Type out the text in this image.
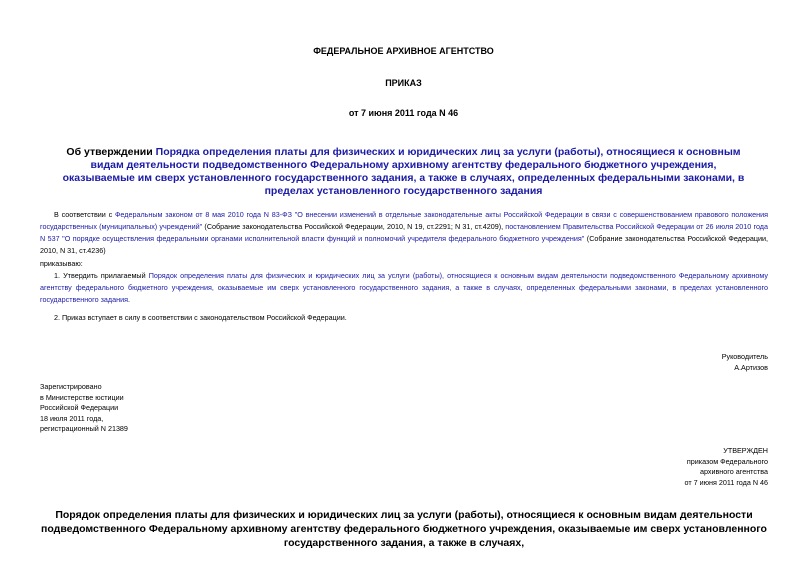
ФЕДЕРАЛЬНОЕ АРХИВНОЕ АГЕНТСТВО
ПРИКАЗ
от 7 июня 2011 года N 46
Об утверждении Порядка определения платы для физических и юридических лиц за услуги (работы), относящиеся к основным видам деятельности подведомственного Федеральному архивному агентству федерального бюджетного учреждения, оказываемые им сверх установленного государственного задания, а также в случаях, определенных федеральными законами, в пределах установленного государственного задания
В соответствии с Федеральным законом от 8 мая 2010 года N 83-ФЗ "О внесении изменений в отдельные законодательные акты Российской Федерации в связи с совершенствованием правового положения государственных (муниципальных) учреждений" (Собрание законодательства Российской Федерации, 2010, N 19, ст.2291; N 31, ст.4209), постановлением Правительства Российской Федерации от 26 июля 2010 года N 537 "О порядке осуществления федеральными органами исполнительной власти функций и полномочий учредителя федерального бюджетного учреждения" (Собрание законодательства Российской Федерации, 2010, N 31, ст.4236)
приказываю:
1. Утвердить прилагаемый Порядок определения платы для физических и юридических лиц за услуги (работы), относящиеся к основным видам деятельности подведомственного Федеральному архивному агентству федерального бюджетного учреждения, оказываемые им сверх установленного государственного задания, а также в случаях, определенных федеральными законами, в пределах установленного государственного задания.
2. Приказ вступает в силу в соответствии с законодательством Российской Федерации.
Руководитель
А.Артизов
Зарегистрировано
в Министерстве юстиции
Российской Федерации
18 июля 2011 года,
регистрационный N 21389
УТВЕРЖДЕН
приказом Федерального
архивного агентства
от 7 июня 2011 года N 46
Порядок определения платы для физических и юридических лиц за услуги (работы), относящиеся к основным видам деятельности подведомственного Федеральному архивному агентству федерального бюджетного учреждения, оказываемые им сверх установленного государственного задания, а также в случаях,
